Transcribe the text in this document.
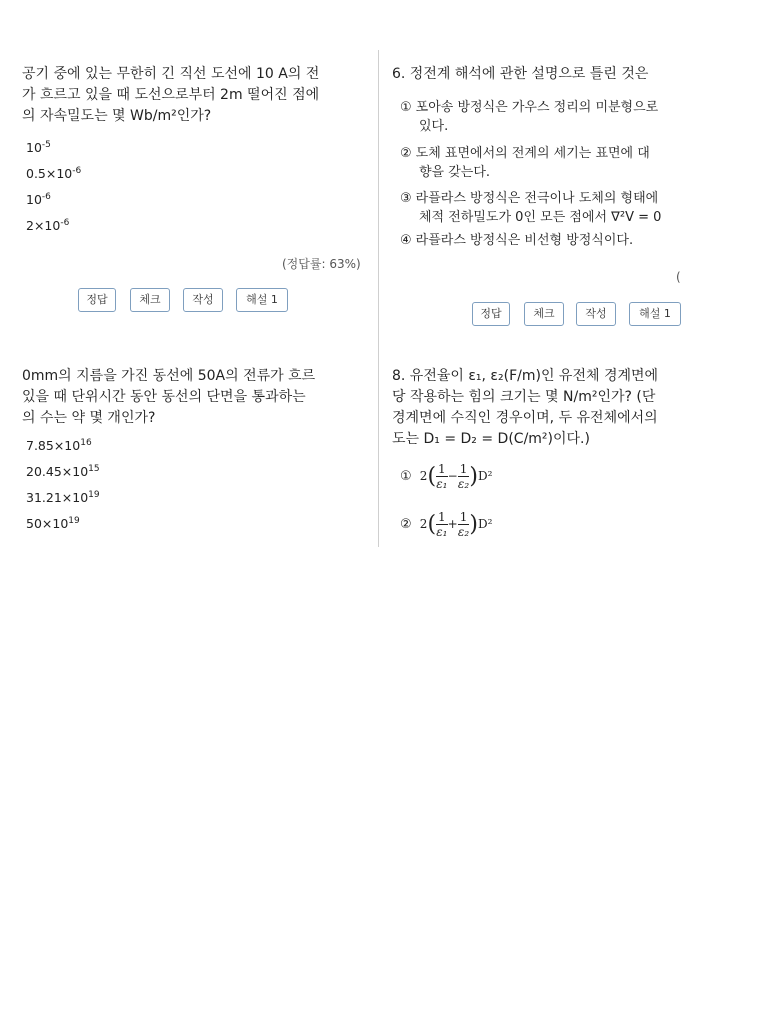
공기 중에 있는 무한히 긴 직선 도선에 10 A의 전
가 흐르고 있을 때 도선으로부터 2m 떨어진 점에
의 자속밀도는 몇 Wb/m²인가?
$10^{-5}$
$0.5\times 10^{-6}$
$10^{-6}$
$2\times 10^{-6}$
(정답률: 63%)
정답	체크	작성	해설 1
6. 정전계 해석에 관한 설명으로 틀린 것은
① 포아송 방정식은 가우스 정리의 미분형으로
있다.
② 도체 표면에서의 전계의 세기는 표면에 대
향을 갖는다.
③ 라플라스 방정식은 전극이나 도체의 형태에
체적 전하밀도가 0인 모든 점에서 ∇²V = 0
④ 라플라스 방정식은 비선형 방정식이다.
(
정답	체크	작성	해설 1
0mm의 지름을 가진 동선에 50A의 전류가 흐르
있을 때 단위시간 동안 동선의 단면을 통과하는
의 수는 약 몇 개인가?
$7.85\times 10^{16}$
$20.45\times 10^{15}$
$31.21\times 10^{19}$
$50\times 10^{19}$
8. 유전율이 ε₁, ε₂(F/m)인 유전체 경계면에
당 작용하는 힘의 크기는 몇 N/m²인가? (단
경계면에 수직인 경우이며, 두 유전체에서의
도는 D₁ = D₂ = D(C/m²)이다.)
① $2( \frac{1}{\text{ε₁}} - \frac{1}{\text{ε₂}} )D^2$
② $2( \frac{1}{\text{ε₁}} + \frac{1}{\text{ε₂}} )D^2$
